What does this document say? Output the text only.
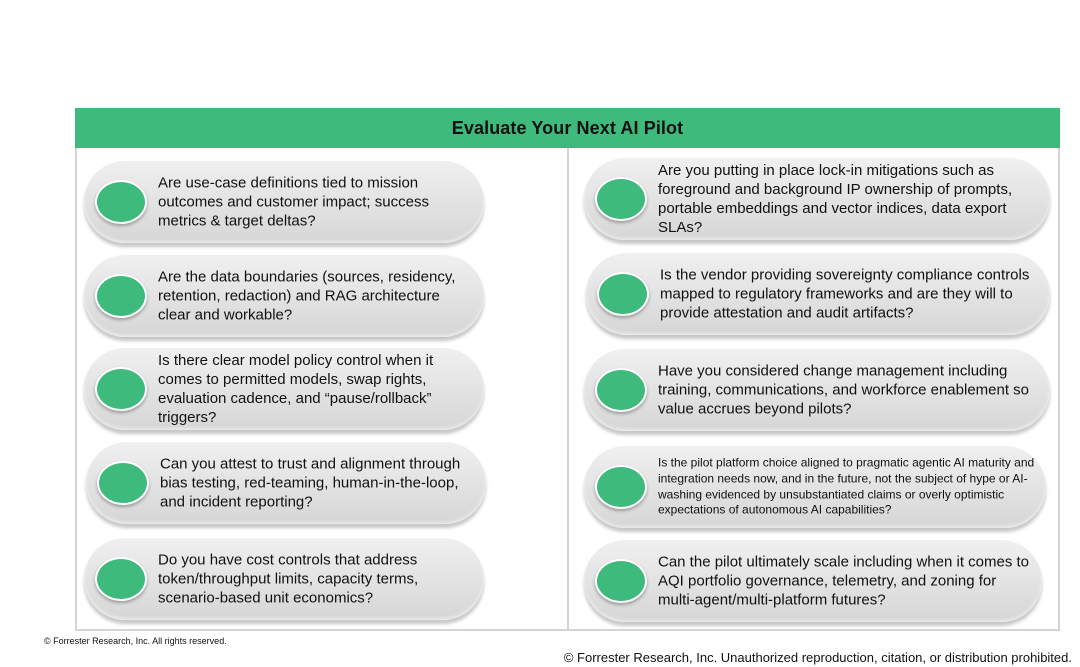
Evaluate Your Next AI Pilot
Are use-case definitions tied to mission outcomes and customer impact; success metrics & target deltas?
Are the data boundaries (sources, residency, retention, redaction) and RAG architecture clear and workable?
Is there clear model policy control when it comes to permitted models, swap rights, evaluation cadence, and “pause/rollback” triggers?
Can you attest to trust and alignment through bias testing, red-teaming, human-in-the-loop, and incident reporting?
Do you have cost controls that address token/throughput limits, capacity terms, scenario-based unit economics?
Are you putting in place lock-in mitigations such as foreground and background IP ownership of prompts, portable embeddings and vector indices, data export SLAs?
Is the vendor providing sovereignty compliance controls mapped to regulatory frameworks and are they will to provide attestation and audit artifacts?
Have you considered change management including training, communications, and workforce enablement so value accrues beyond pilots?
Is the pilot platform choice aligned to pragmatic agentic AI maturity and integration needs now, and in the future, not the subject of hype or AI-washing evidenced by unsubstantiated claims or overly optimistic expectations of autonomous AI capabilities?
Can the pilot ultimately scale including when it comes to AQI portfolio governance, telemetry, and zoning for multi-agent/multi-platform futures?
© Forrester Research, Inc. All rights reserved.
© Forrester Research, Inc. Unauthorized reproduction, citation, or distribution prohibited.
